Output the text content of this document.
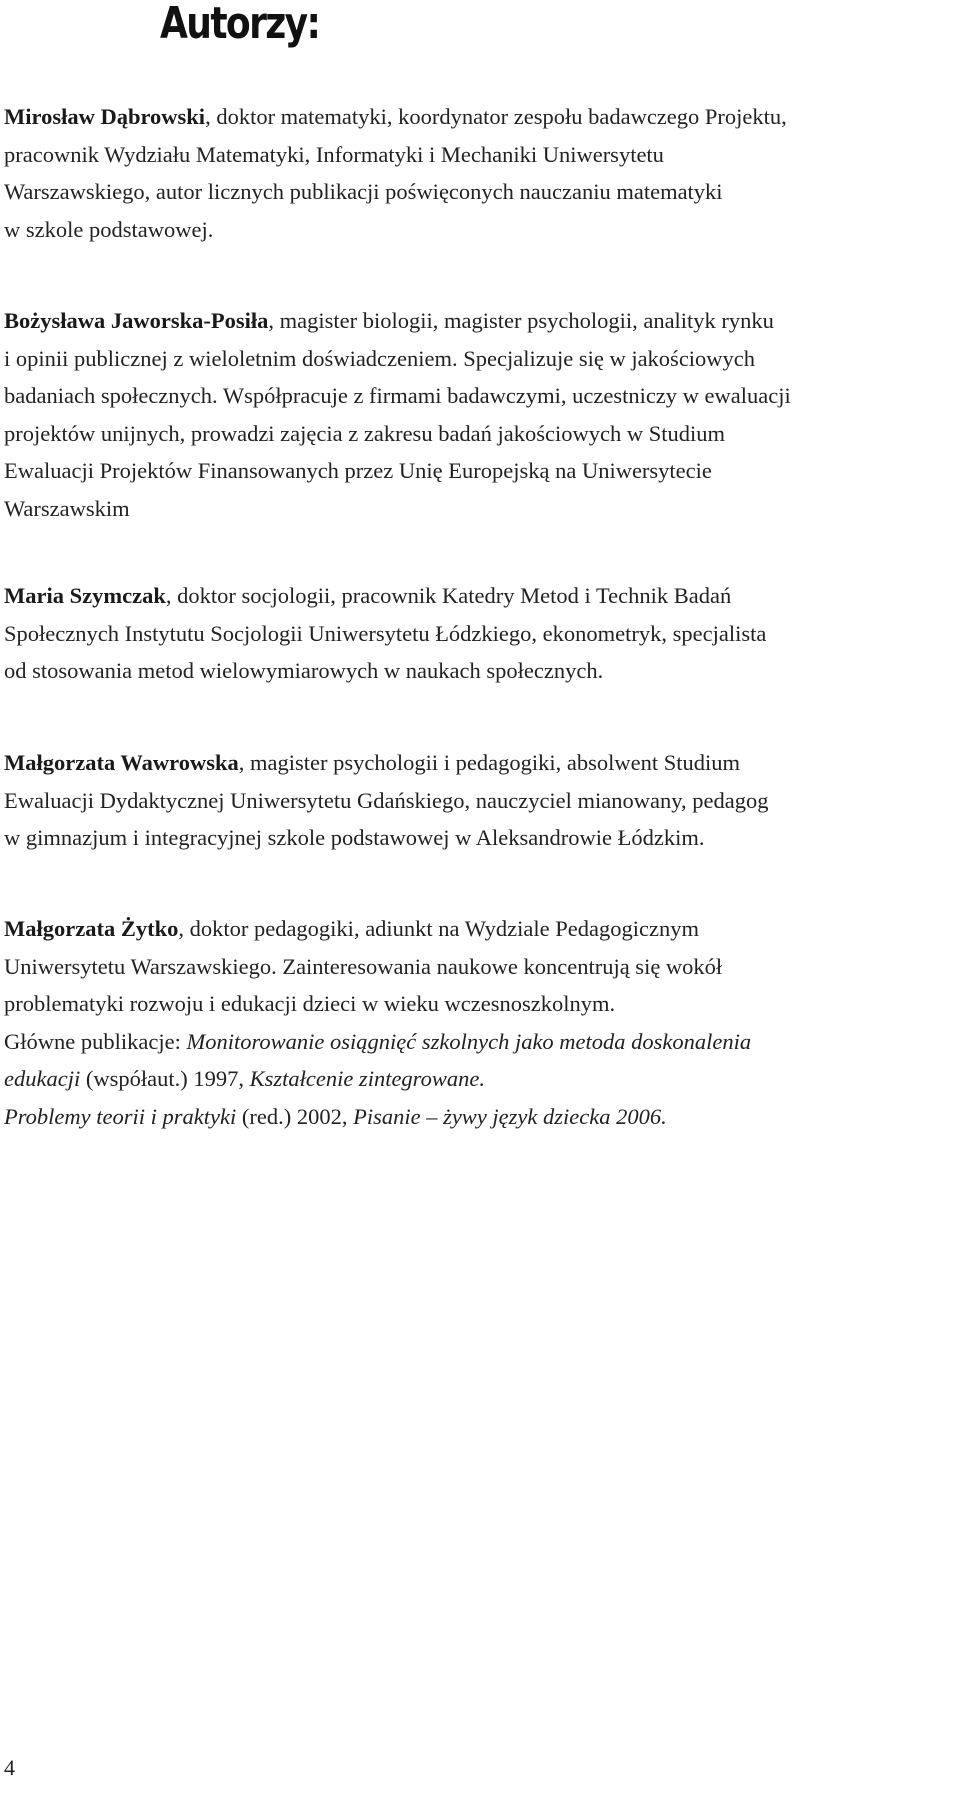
Autorzy:

Mirosław Dąbrowski, doktor matematyki, koordynator zespołu badawczego Projektu,
pracownik Wydziału Matematyki, Informatyki i Mechaniki Uniwersytetu
Warszawskiego, autor licznych publikacji poświęconych nauczaniu matematyki
w szkole podstawowej.

Bożysława Jaworska-Posiła, magister biologii, magister psychologii, analityk rynku
i opinii publicznej z wieloletnim doświadczeniem. Specjalizuje się w jakościowych
badaniach społecznych. Współpracuje z firmami badawczymi, uczestniczy w ewaluacji
projektów unijnych, prowadzi zajęcia z zakresu badań jakościowych w Studium
Ewaluacji Projektów Finansowanych przez Unię Europejską na Uniwersytecie
Warszawskim

Maria Szymczak, doktor socjologii, pracownik Katedry Metod i Technik Badań
Społecznych Instytutu Socjologii Uniwersytetu Łódzkiego, ekonometryk, specjalista
od stosowania metod wielowymiarowych w naukach społecznych.

Małgorzata Wawrowska, magister psychologii i pedagogiki, absolwent Studium
Ewaluacji Dydaktycznej Uniwersytetu Gdańskiego, nauczyciel mianowany, pedagog
w gimnazjum i integracyjnej szkole podstawowej w Aleksandrowie Łódzkim.

Małgorzata Żytko, doktor pedagogiki, adiunkt na Wydziale Pedagogicznym
Uniwersytetu Warszawskiego. Zainteresowania naukowe koncentrują się wokół
problematyki rozwoju i edukacji dzieci w wieku wczesnoszkolnym.
Główne publikacje: Monitorowanie osiągnięć szkolnych jako metoda doskonalenia
edukacji (współaut.) 1997, Kształcenie zintegrowane.
Problemy teorii i praktyki (red.) 2002, Pisanie – żywy język dziecka 2006.

4
